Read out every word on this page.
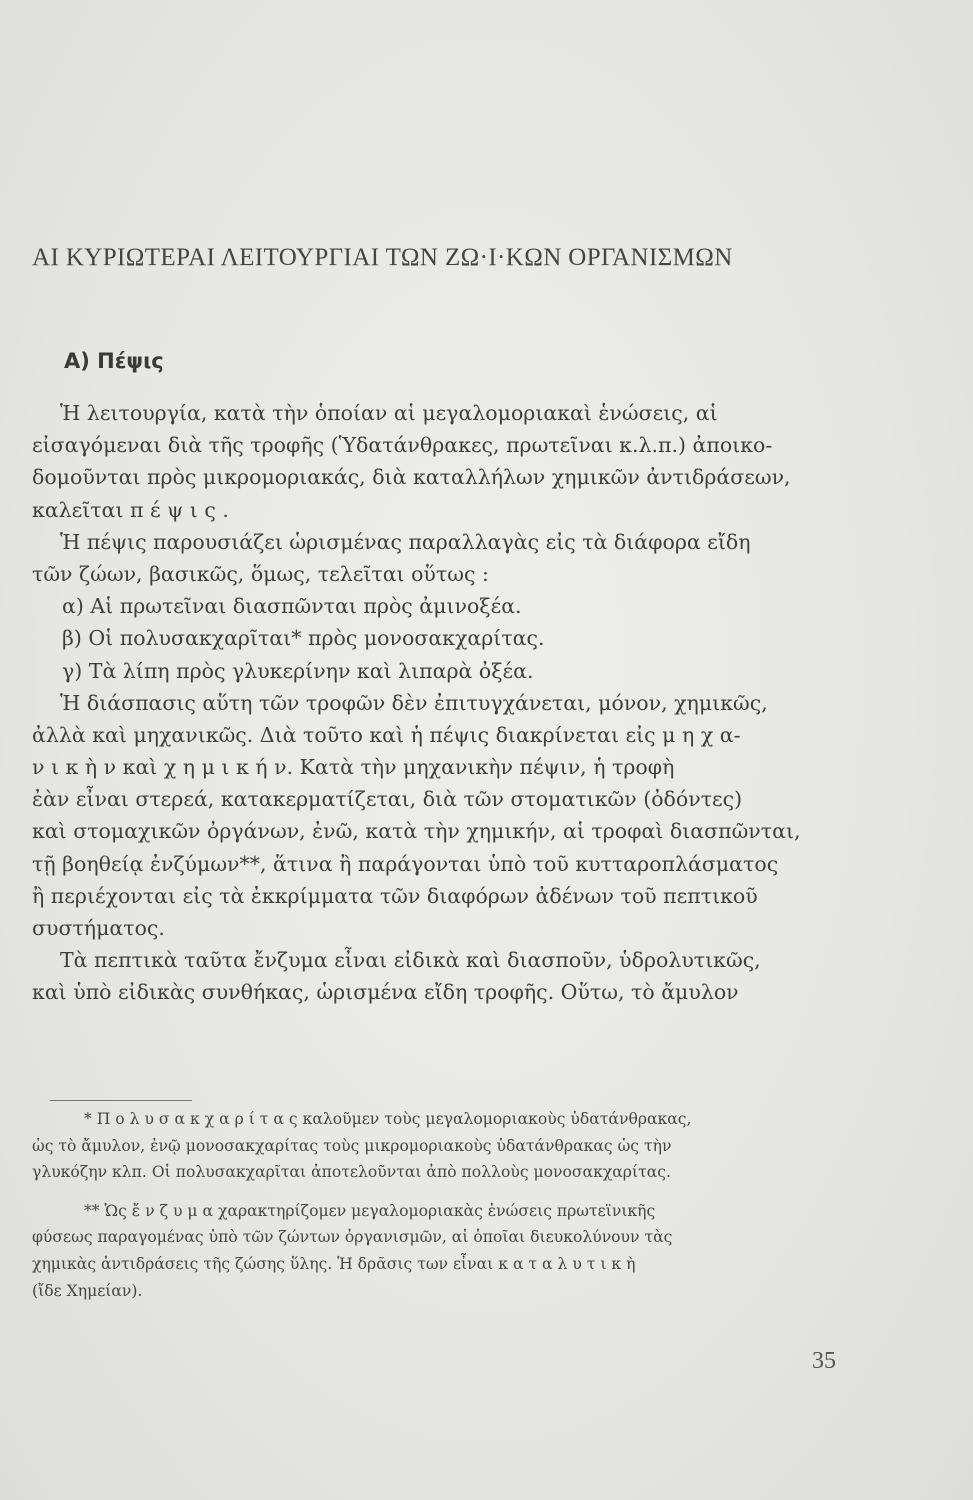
ΑΙ ΚΥΡΙΩΤΕΡΑΙ ΛΕΙΤΟΥΡΓΙΑΙ ΤΩΝ ΖΩ·Ι·ΚΩΝ ΟΡΓΑΝΙΣΜΩΝ
Α) Πέψις
Ἡ λειτουργία, κατὰ τὴν ὁποίαν αἱ μεγαλομοριακαὶ ἑνώσεις, αἱ
εἰσαγόμεναι διὰ τῆς τροφῆς (Ὑδατάνθρακες, πρωτεῖναι κ.λ.π.) ἀποικο-
δομοῦνται πρὸς μικρομοριακάς, διὰ καταλλήλων χημικῶν ἀντιδράσεων,
καλεῖται π έ ψ ι ς .
Ἡ πέψις παρουσιάζει ὡρισμένας παραλλαγὰς εἰς τὰ διάφορα εἴδη
τῶν ζώων, βασικῶς, ὅμως, τελεῖται οὕτως :
α) Αἱ πρωτεῖναι διασπῶνται πρὸς ἀμινοξέα.
β) Οἱ πολυσακχαρῖται* πρὸς μονοσακχαρίτας.
γ) Τὰ λίπη πρὸς γλυκερίνην καὶ λιπαρὰ ὀξέα.
Ἡ διάσπασις αὕτη τῶν τροφῶν δὲν ἐπιτυγχάνεται, μόνον, χημικῶς,
ἀλλὰ καὶ μηχανικῶς. Διὰ τοῦτο καὶ ἡ πέψις διακρίνεται εἰς μ η χ α-
ν ι κ ὴ ν καὶ χ η μ ι κ ή ν. Κατὰ τὴν μηχανικὴν πέψιν, ἡ τροφὴ
ἐὰν εἶναι στερεά, κατακερματίζεται, διὰ τῶν στοματικῶν (ὀδόντες)
καὶ στομαχικῶν ὀργάνων, ἐνῶ, κατὰ τὴν χημικήν, αἱ τροφαὶ διασπῶνται,
τῇ βοηθείᾳ ἐνζύμων**, ἅτινα ἢ παράγονται ὑπὸ τοῦ κυτταροπλάσματος
ἢ περιέχονται εἰς τὰ ἐκκρίμματα τῶν διαφόρων ἀδένων τοῦ πεπτικοῦ
συστήματος.
Τὰ πεπτικὰ ταῦτα ἔνζυμα εἶναι εἰδικὰ καὶ διασποῦν, ὑδρολυτικῶς,
καὶ ὑπὸ εἰδικὰς συνθήκας, ὡρισμένα εἴδη τροφῆς. Οὕτω, τὸ ἄμυλον
* Π ο λ υ σ α κ χ α ρ ί τ α ς καλοῦμεν τοὺς μεγαλομοριακοὺς ὑδατάνθρακας,
ὡς τὸ ἄμυλον, ἐνῷ μονοσακχαρίτας τοὺς μικρομοριακοὺς ὑδατάνθρακας ὡς τὴν
γλυκόζην κλπ. Οἱ πολυσακχαρῖται ἀποτελοῦνται ἀπὸ πολλοὺς μονοσακχαρίτας.
** Ὡς ἔ ν ζ υ μ α χαρακτηρίζομεν μεγαλομοριακὰς ἑνώσεις πρωτεϊνικῆς
φύσεως παραγομένας ὑπὸ τῶν ζώντων ὀργανισμῶν, αἱ ὁποῖαι διευκολύνουν τὰς
χημικὰς ἀντιδράσεις τῆς ζώσης ὕλης. Ἡ δρᾶσις των εἶναι κ α τ α λ υ τ ι κ ὴ
(ἴδε Χημείαν).
35
